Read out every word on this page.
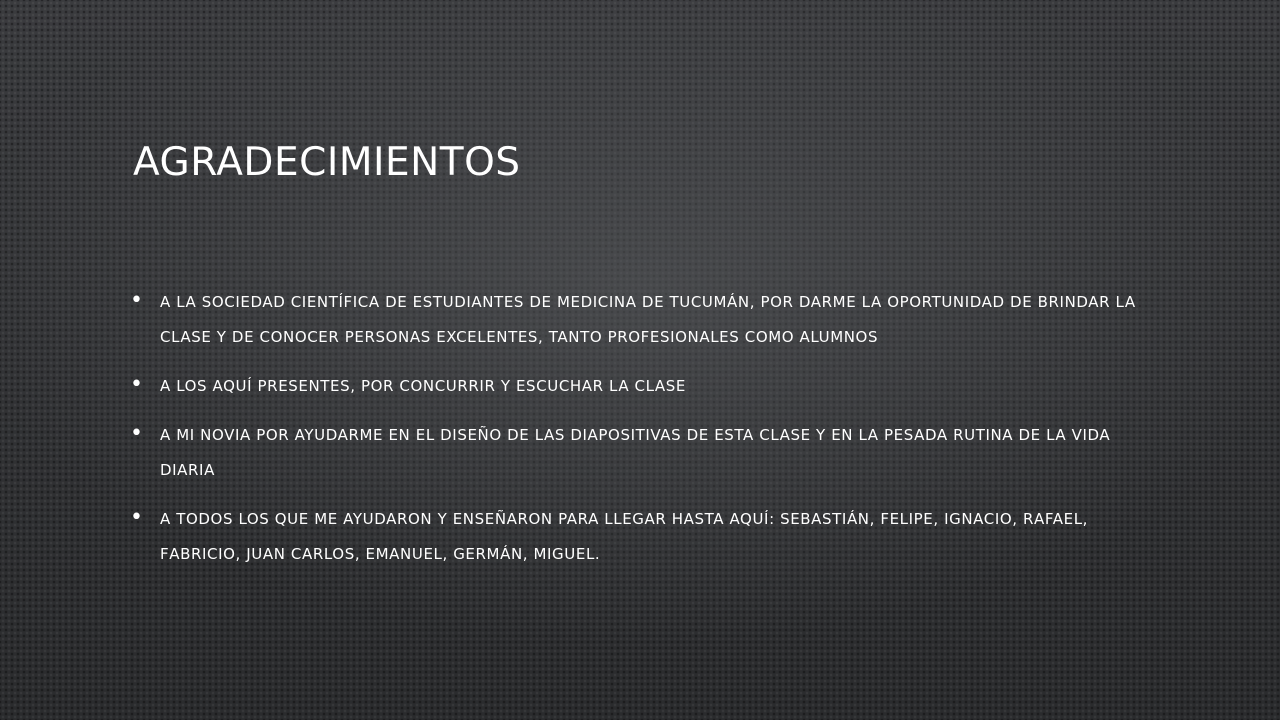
AGRADECIMIENTOS
• A la Sociedad Científica de Estudiantes de Medicina de Tucumán, por darme la oportunidad de brindar la clase y de conocer personas excelentes, tanto profesionales como alumnos
• A los aquí presentes, por concurrir y escuchar la clase
• A mi novia por ayudarme en el diseño de las diapositivas de esta clase y en la pesada rutina de la vida diaria
• A todos los que me ayudaron y enseñaron para llegar hasta aquí: Sebastián, Felipe, Ignacio, Rafael, Fabricio, Juan Carlos, Emanuel, Germán, Miguel.
